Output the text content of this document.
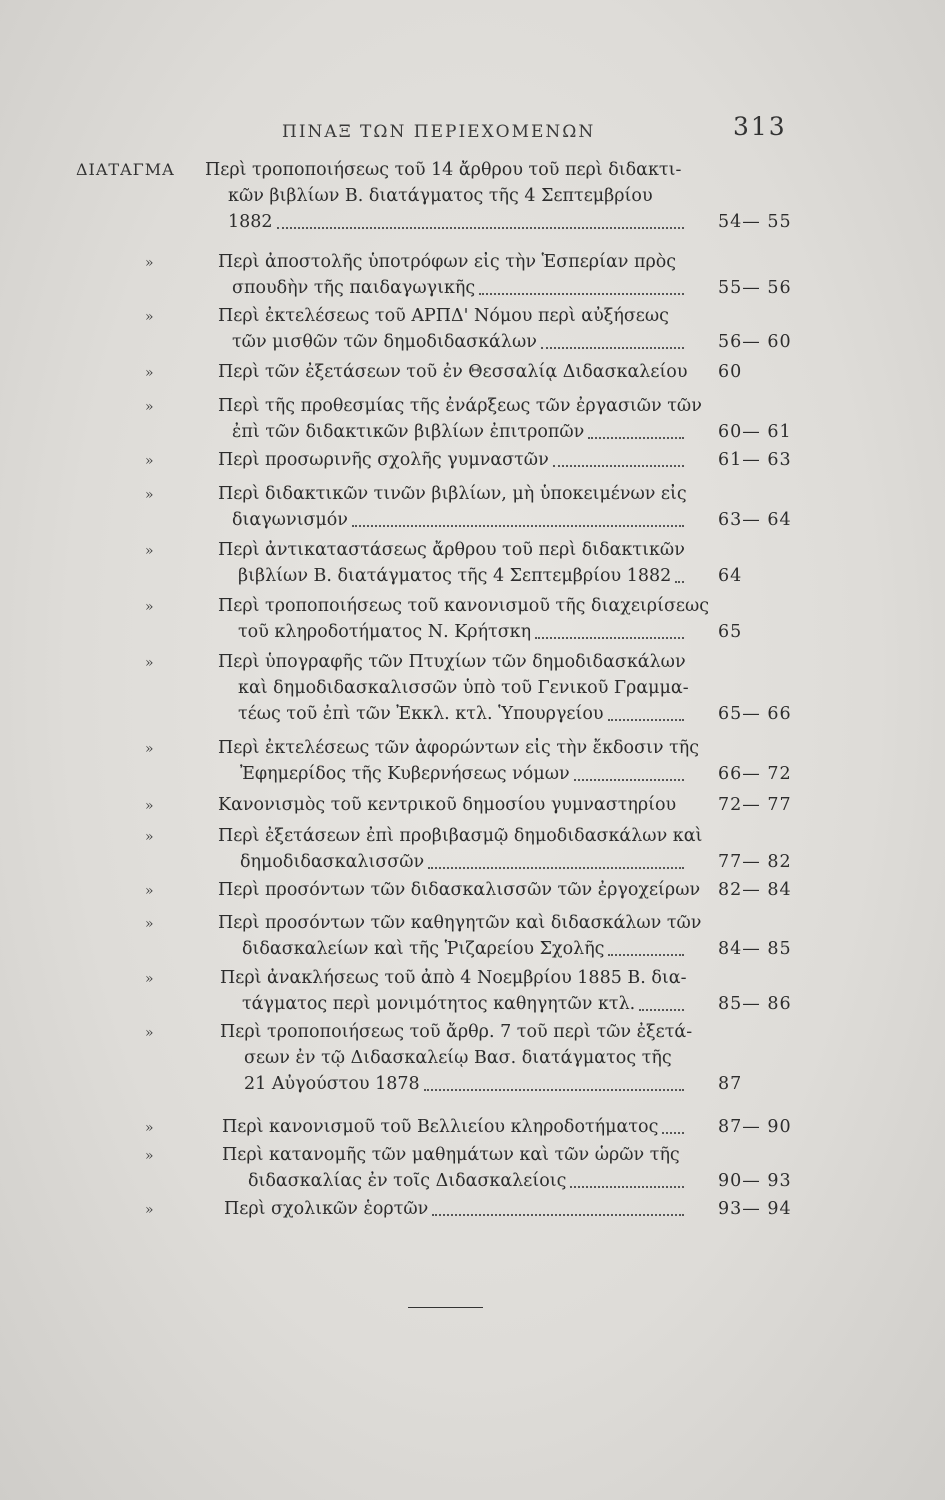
ΠΙΝΑΞ ΤΩΝ ΠΕΡΙΕΧΟΜΕΝΩΝ	313
ΔΙΑΤΑΓΜΑ Περὶ τροποποιήσεως τοῦ 14 ἄρθρου τοῦ περὶ διδακτι-
κῶν βιβλίων Β. διατάγματος τῆς 4 Σεπτεμβρίου
1882	54— 55
»	Περὶ ἀποστολῆς ὑποτρόφων εἰς τὴν Ἑσπερίαν πρὸς
σπουδὴν τῆς παιδαγωγικῆς	55— 56
»	Περὶ ἐκτελέσεως τοῦ ΑΡΠΔ' Νόμου περὶ αὐξήσεως
τῶν μισθῶν τῶν δημοδιδασκάλων	56— 60
»	Περὶ τῶν ἐξετάσεων τοῦ ἐν Θεσσαλίᾳ Διδασκαλείου 60
»	Περὶ τῆς προθεσμίας τῆς ἐνάρξεως τῶν ἐργασιῶν τῶν
ἐπὶ τῶν διδακτικῶν βιβλίων ἐπιτροπῶν	60— 61
»	Περὶ προσωρινῆς σχολῆς γυμναστῶν	61— 63
»	Περὶ διδακτικῶν τινῶν βιβλίων, μὴ ὑποκειμένων εἰς
διαγωνισμόν	63— 64
»	Περὶ ἀντικαταστάσεως ἄρθρου τοῦ περὶ διδακτικῶν
βιβλίων Β. διατάγματος τῆς 4 Σεπτεμβρίου 1882	64
»	Περὶ τροποποιήσεως τοῦ κανονισμοῦ τῆς διαχειρίσεως
τοῦ κληροδοτήματος Ν. Κρήτσκη	65
»	Περὶ ὑπογραφῆς τῶν Πτυχίων τῶν δημοδιδασκάλων
καὶ δημοδιδασκαλισσῶν ὑπὸ τοῦ Γενικοῦ Γραμμα-
τέως τοῦ ἐπὶ τῶν Ἐκκλ. κτλ. Ὑπουργείου	65— 66
»	Περὶ ἐκτελέσεως τῶν ἀφορώντων εἰς τὴν ἔκδοσιν τῆς
Ἐφημερίδος τῆς Κυβερνήσεως νόμων	66— 72
»	Κανονισμὸς τοῦ κεντρικοῦ δημοσίου γυμναστηρίου 72— 77
»	Περὶ ἐξετάσεων ἐπὶ προβιβασμῷ δημοδιδασκάλων καὶ
δημοδιδασκαλισσῶν	77— 82
»	Περὶ προσόντων τῶν διδασκαλισσῶν τῶν ἐργοχείρων 82— 84
»	Περὶ προσόντων τῶν καθηγητῶν καὶ διδασκάλων τῶν
διδασκαλείων καὶ τῆς Ῥιζαρείου Σχολῆς	84— 85
»	Περὶ ἀνακλήσεως τοῦ ἀπὸ 4 Νοεμβρίου 1885 Β. δια-
τάγματος περὶ μονιμότητος καθηγητῶν κτλ.	85— 86
»	Περὶ τροποποιήσεως τοῦ ἄρθρ. 7 τοῦ περὶ τῶν ἐξετά-
σεων ἐν τῷ Διδασκαλείῳ Βασ. διατάγματος τῆς
21 Αὐγούστου 1878	87
»	Περὶ κανονισμοῦ τοῦ Βελλιείου κληροδοτήματος	87— 90
»	Περὶ κατανομῆς τῶν μαθημάτων καὶ τῶν ὡρῶν τῆς
διδασκαλίας ἐν τοῖς Διδασκαλείοις	90— 93
»	Περὶ σχολικῶν ἑορτῶν	93— 94
